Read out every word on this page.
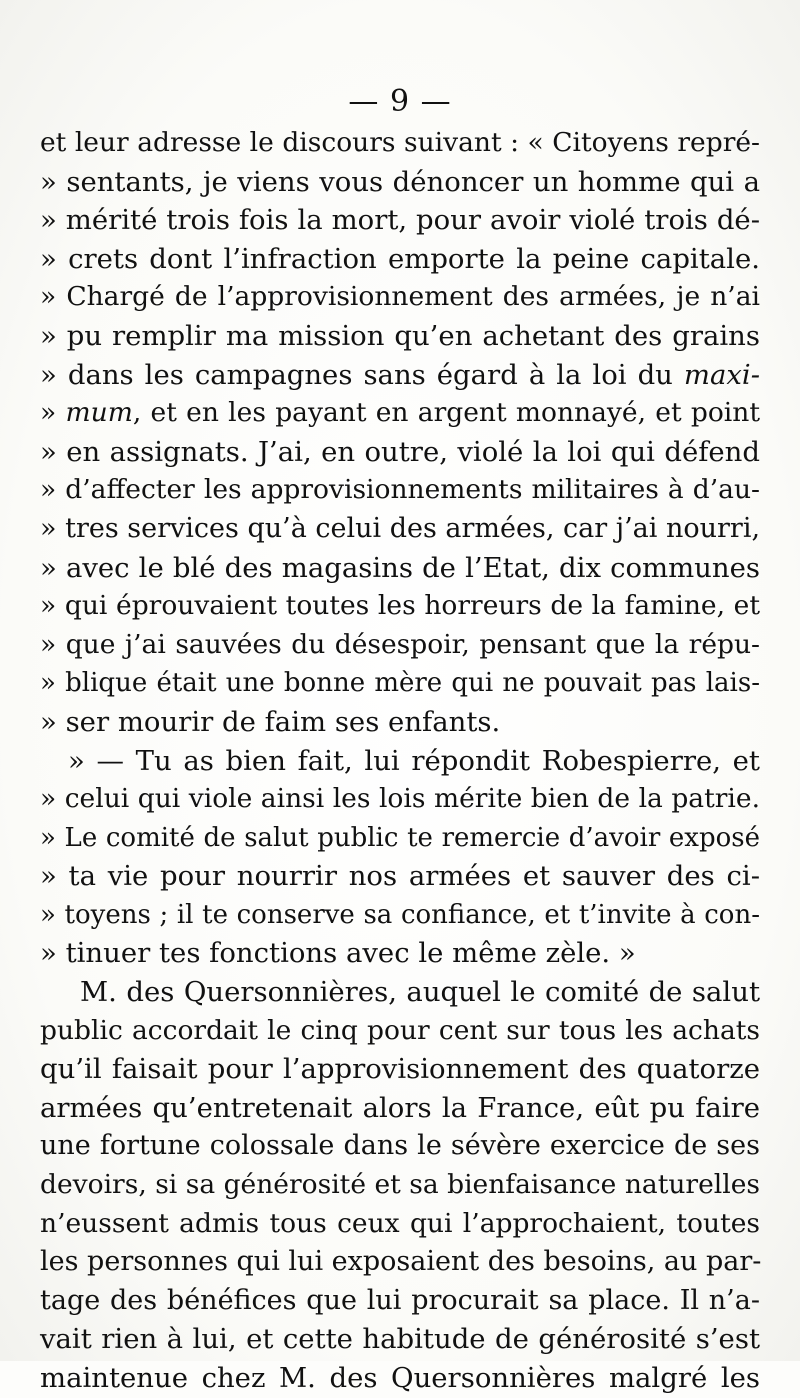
— 9 —
et leur adresse le discours suivant : « Citoyens repré-
» sentants, je viens vous dénoncer un homme qui a
» mérité trois fois la mort, pour avoir violé trois dé-
» crets dont l’infraction emporte la peine capitale.
» Chargé de l’approvisionnement des armées, je n’ai
» pu remplir ma mission qu’en achetant des grains
» dans les campagnes sans égard à la loi du maxi-
» mum, et en les payant en argent monnayé, et point
» en assignats. J’ai, en outre, violé la loi qui défend
» d’affecter les approvisionnements militaires à d’au-
» tres services qu’à celui des armées, car j’ai nourri,
» avec le blé des magasins de l’Etat, dix communes
» qui éprouvaient toutes les horreurs de la famine, et
» que j’ai sauvées du désespoir, pensant que la répu-
» blique était une bonne mère qui ne pouvait pas lais-
» ser mourir de faim ses enfants.
» — Tu as bien fait, lui répondit Robespierre, et
» celui qui viole ainsi les lois mérite bien de la patrie.
» Le comité de salut public te remercie d’avoir exposé
» ta vie pour nourrir nos armées et sauver des ci-
» toyens ; il te conserve sa confiance, et t’invite à con-
» tinuer tes fonctions avec le même zèle. »
M. des Quersonnières, auquel le comité de salut
public accordait le cinq pour cent sur tous les achats
qu’il faisait pour l’approvisionnement des quatorze
armées qu’entretenait alors la France, eût pu faire
une fortune colossale dans le sévère exercice de ses
devoirs, si sa générosité et sa bienfaisance naturelles
n’eussent admis tous ceux qui l’approchaient, toutes
les personnes qui lui exposaient des besoins, au par-
tage des bénéfices que lui procurait sa place. Il n’a-
vait rien à lui, et cette habitude de générosité s’est
maintenue chez M. des Quersonnières malgré les
